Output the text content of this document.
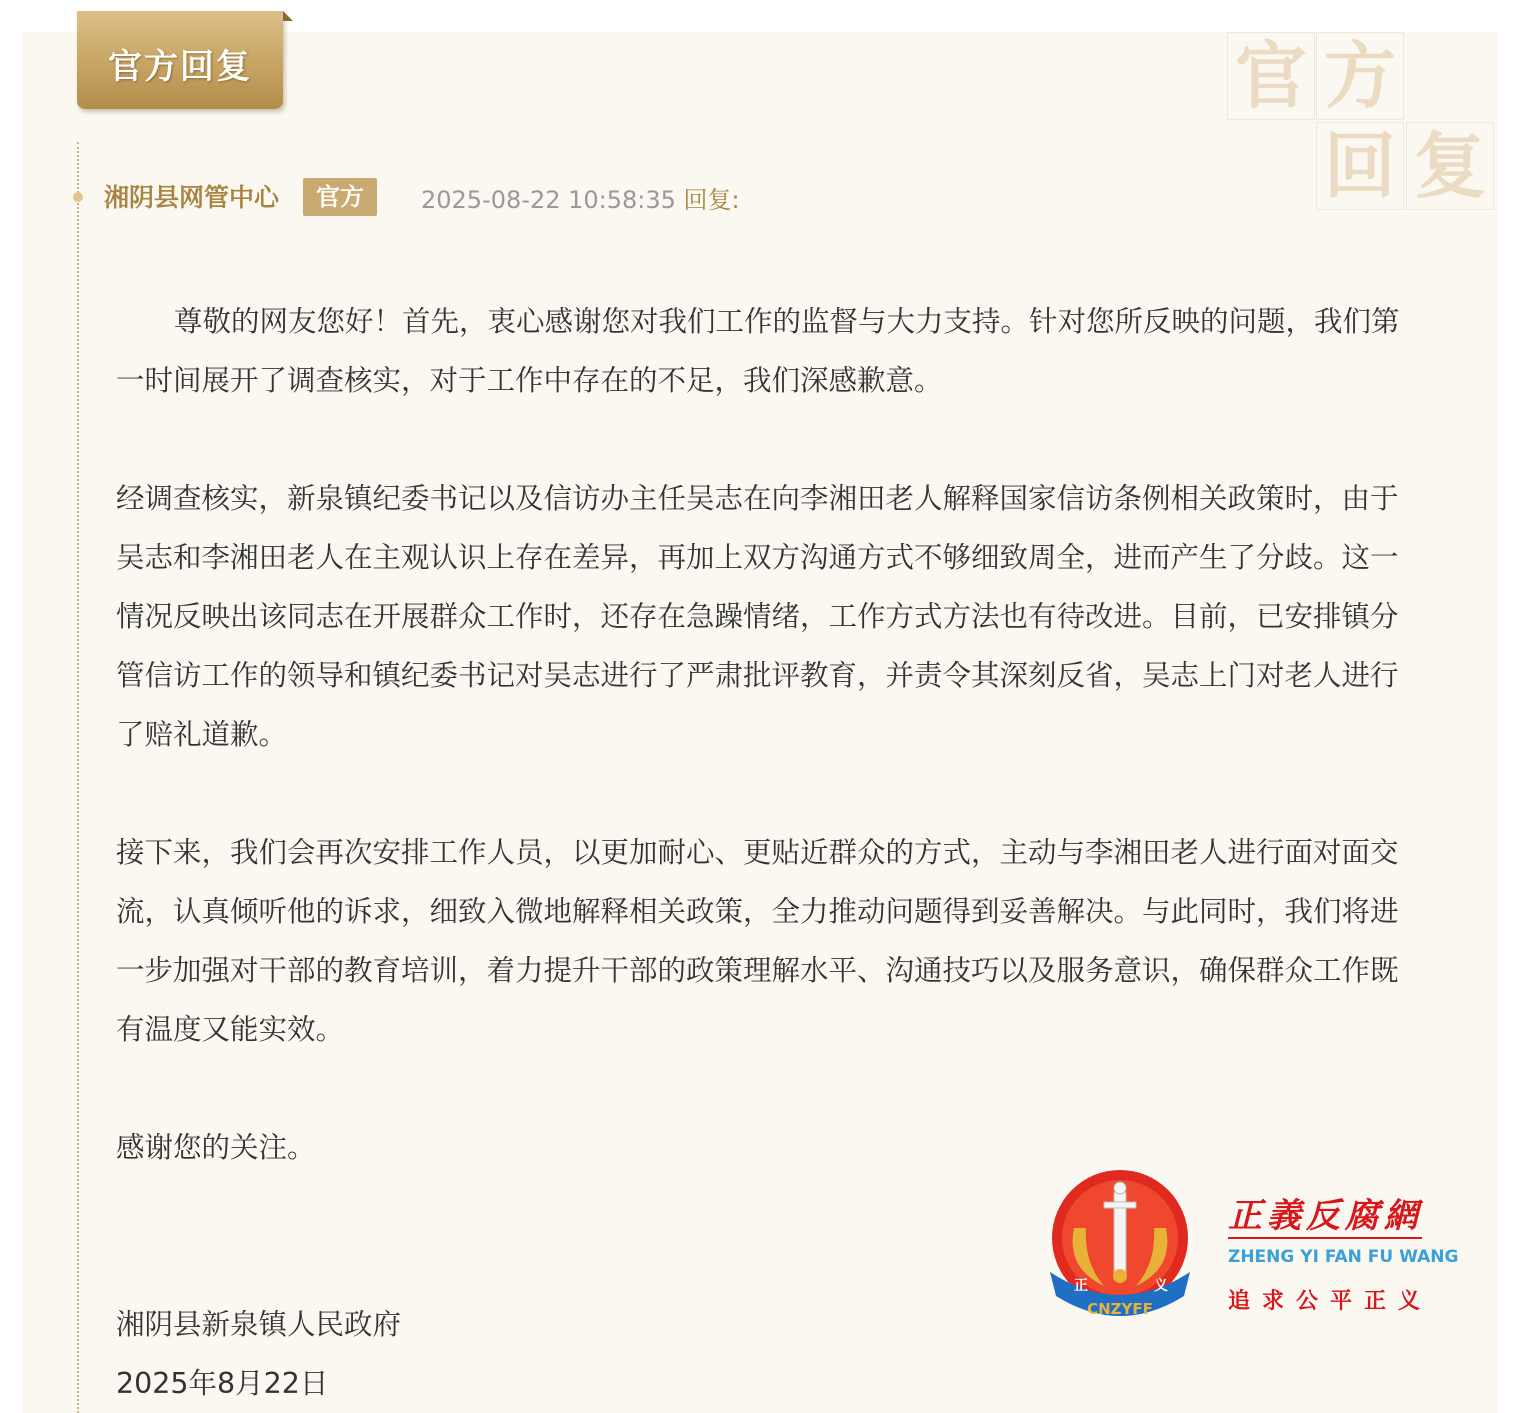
官方回复	官 方
回 复
湘阴县网管中心	官方	2025-08-22 10:58:35 回复:

尊敬的网友您好！首先，衷心感谢您对我们工作的监督与大力支持。针对您所反映的问题，我们第一时间展开了调查核实，对于工作中存在的不足，我们深感歉意。

经调查核实，新泉镇纪委书记以及信访办主任吴志在向李湘田老人解释国家信访条例相关政策时，由于吴志和李湘田老人在主观认识上存在差异，再加上双方沟通方式不够细致周全，进而产生了分歧。这一情况反映出该同志在开展群众工作时，还存在急躁情绪，工作方式方法也有待改进。目前，已安排镇分管信访工作的领导和镇纪委书记对吴志进行了严肃批评教育，并责令其深刻反省，吴志上门对老人进行了赔礼道歉。

接下来，我们会再次安排工作人员，以更加耐心、更贴近群众的方式，主动与李湘田老人进行面对面交流，认真倾听他的诉求，细致入微地解释相关政策，全力推动问题得到妥善解决。与此同时，我们将进一步加强对干部的教育培训，着力提升干部的政策理解水平、沟通技巧以及服务意识，确保群众工作既有温度又能实效。

感谢您的关注。

湘阴县新泉镇人民政府

2025年8月22日

正	义
CNZYFF
正義反腐網
ZHENG YI FAN FU WANG
追求公平正义
